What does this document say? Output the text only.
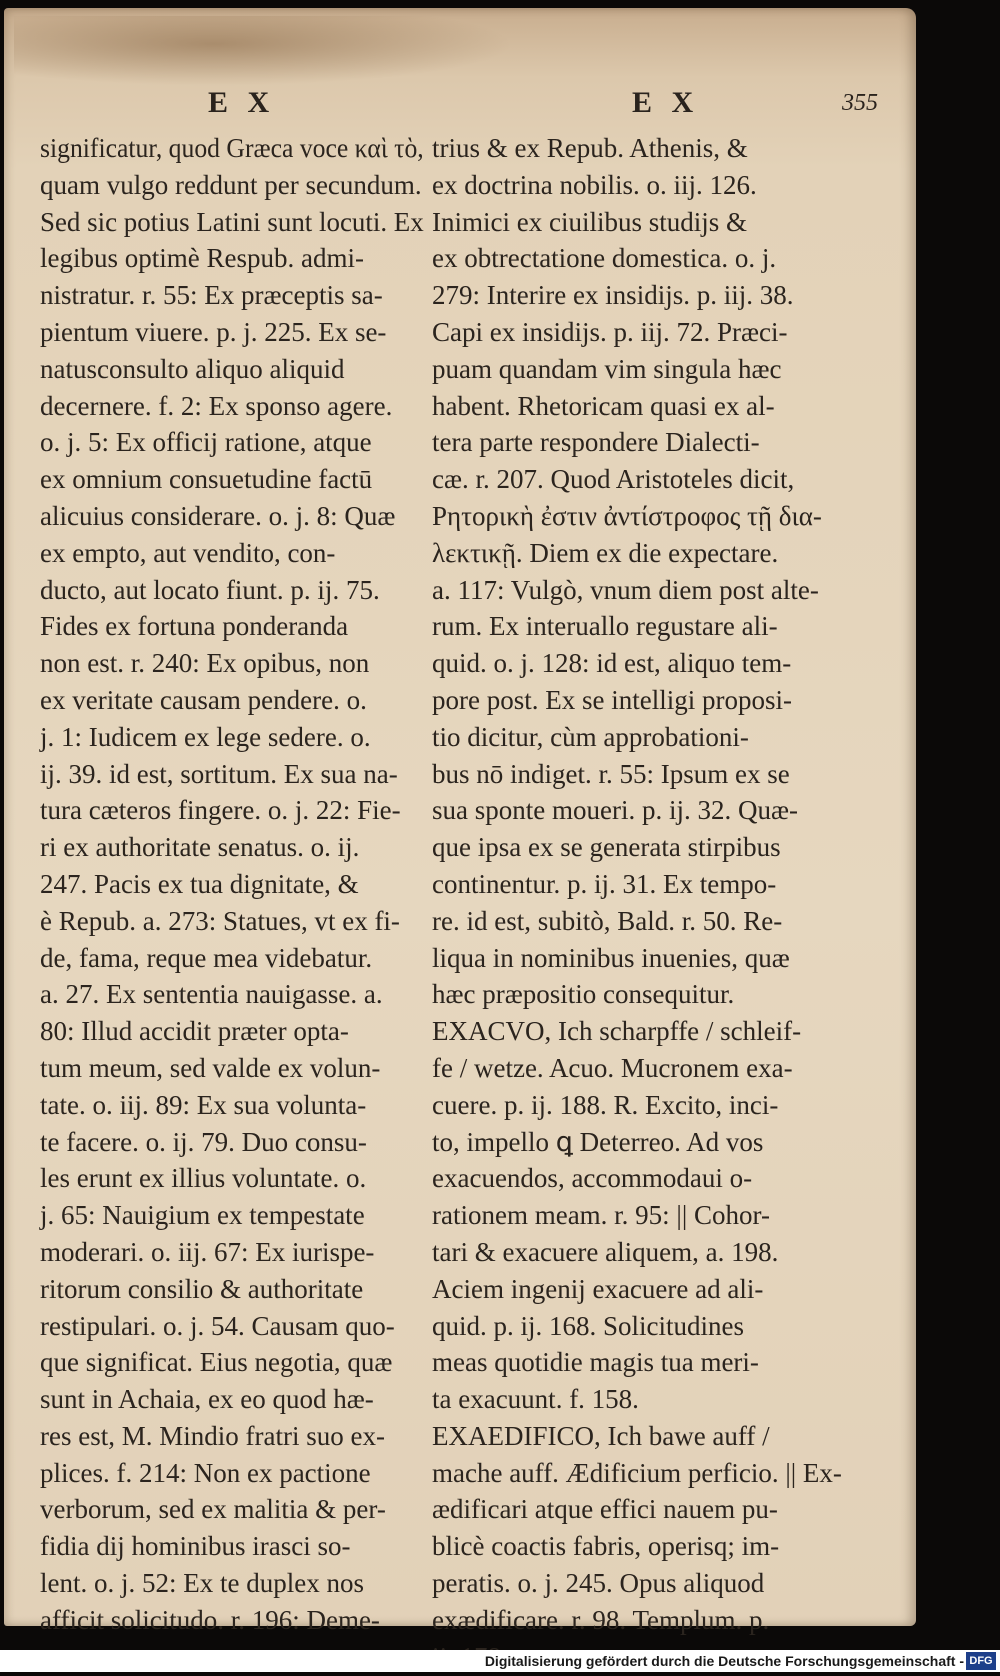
E X	E X	355
significatur, quod Græca voce καὶ τὸ,
quam vulgo reddunt per secundum.
Sed sic potius Latini sunt locuti. Ex
legibus optimè Respub. admi-
nistratur. r. 55: Ex præceptis sa-
pientum viuere. p. j. 225. Ex se-
natusconsulto aliquo aliquid
decernere. f. 2: Ex sponso agere.
o. j. 5: Ex officij ratione, atque
ex omnium consuetudine factū
alicuius considerare. o. j. 8: Quæ
ex empto, aut vendito, con-
ducto, aut locato fiunt. p. ij. 75.
Fides ex fortuna ponderanda
non est. r. 240: Ex opibus, non
ex veritate causam pendere. o.
j. 1: Iudicem ex lege sedere. o.
ij. 39. id est, sortitum. Ex sua na-
tura cæteros fingere. o. j. 22: Fie-
ri ex authoritate senatus. o. ij.
247. Pacis ex tua dignitate, &
è Repub. a. 273: Statues, vt ex fi-
de, fama, reque mea videbatur.
a. 27. Ex sententia nauigasse. a.
80: Illud accidit præter opta-
tum meum, sed valde ex volun-
tate. o. iij. 89: Ex sua volunta-
te facere. o. ij. 79. Duo consu-
les erunt ex illius voluntate. o.
j. 65: Nauigium ex tempestate
moderari. o. iij. 67: Ex iurispe-
ritorum consilio & authoritate
restipulari. o. j. 54. Causam quo-
que significat. Eius negotia, quæ
sunt in Achaia, ex eo quod hæ-
res est, M. Mindio fratri suo ex-
plices. f. 214: Non ex pactione
verborum, sed ex malitia & per-
fidia dij hominibus irasci so-
lent. o. j. 52: Ex te duplex nos
afficit solicitudo. r. 196: Deme-
trius & ex Repub. Athenis, &
ex doctrina nobilis. o. iij. 126.
Inimici ex ciuilibus studijs &
ex obtrectatione domestica. o. j.
279: Interire ex insidijs. p. iij. 38.
Capi ex insidijs. p. iij. 72. Præci-
puam quandam vim singula hæc
habent. Rhetoricam quasi ex al-
tera parte respondere Dialecti-
cæ. r. 207. Quod Aristoteles dicit,
Ρητορικὴ ἐστιν ἀντίστροφος τῇ δια-
λεκτικῇ. Diem ex die expectare.
a. 117: Vulgò, vnum diem post alte-
rum. Ex interuallo regustare ali-
quid. o. j. 128: id est, aliquo tem-
pore post. Ex se intelligi proposi-
tio dicitur, cùm approbationi-
bus nō indiget. r. 55: Ipsum ex se
sua sponte moueri. p. ij. 32. Quæ-
que ipsa ex se generata stirpibus
continentur. p. ij. 31. Ex tempo-
re. id est, subitò, Bald. r. 50. Re-
liqua in nominibus inuenies, quæ
hæc præpositio consequitur.
EXACVO, Ich scharpffe / schleif-
fe / wetze. Acuo. Mucronem exa-
cuere. p. ij. 188. R. Excito, inci-
to, impello ꝗ Deterreo. Ad vos
exacuendos, accommodaui o-
rationem meam. r. 95: || Cohor-
tari & exacuere aliquem, a. 198.
Aciem ingenij exacuere ad ali-
quid. p. ij. 168. Solicitudines
meas quotidie magis tua meri-
ta exacuunt. f. 158.
EXAEDIFICO, Ich bawe auff /
mache auff. Ædificium perficio. || Ex-
ædificari atque effici nauem pu-
blicè coactis fabris, operisq; im-
peratis. o. j. 245. Opus aliquod
exædificare. r. 98. Templum. p.
Digitalisierung gefördert durch die Deutsche Forschungsgemeinschaft - DFG
